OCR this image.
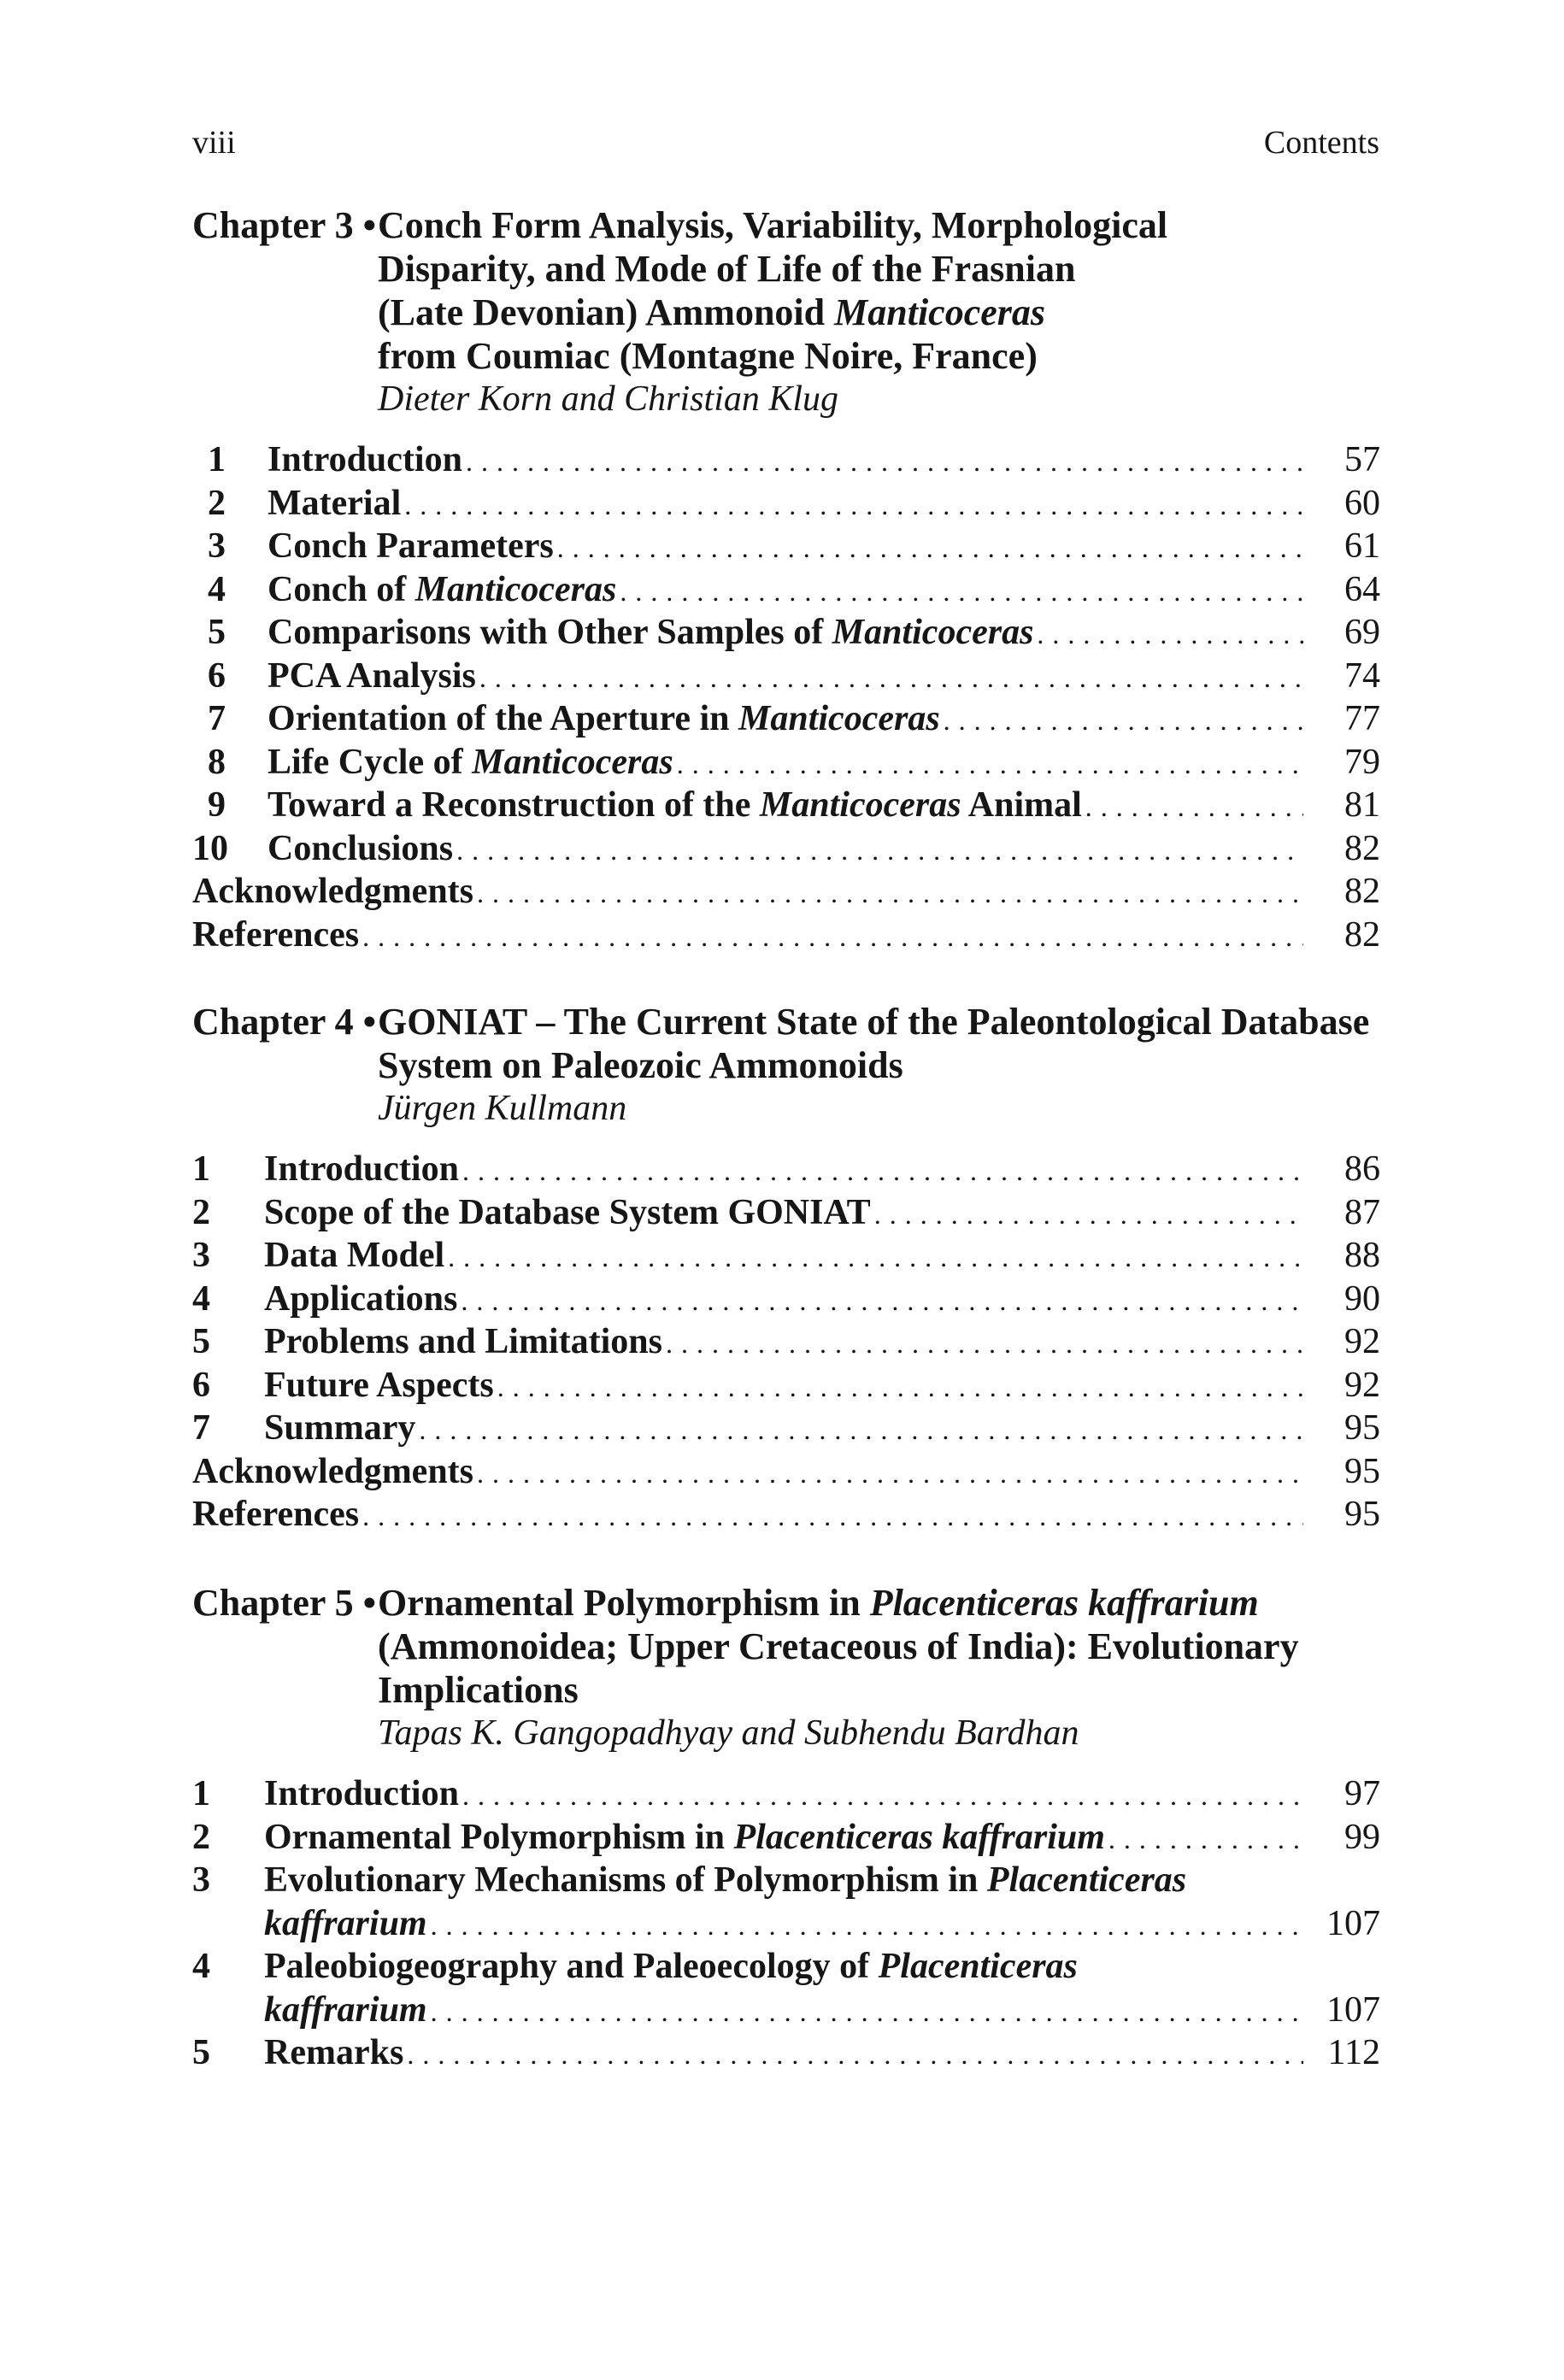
viii	Contents
Chapter 3 •Conch Form Analysis, Variability, Morphological
Disparity, and Mode of Life of the Frasnian
(Late Devonian) Ammonoid Manticoceras
from Coumiac (Montagne Noire, France)
Dieter Korn and Christian Klug
1 Introduction . . .	57
2 Material . . .	60
3 Conch Parameters . . .	61
4 Conch of Manticoceras . . .	64
5 Comparisons with Other Samples of Manticoceras . . .	69
6 PCA Analysis . . .	74
7 Orientation of the Aperture in Manticoceras . . .	77
8 Life Cycle of Manticoceras . . .	79
9 Toward a Reconstruction of the Manticoceras Animal . . .	81
10 Conclusions . . .	82
Acknowledgments . . .	82
References . . .	82
Chapter 4 •GONIAT – The Current State of the Paleontological Database
System on Paleozoic Ammonoids
Jürgen Kullmann
1 Introduction . . .	86
2 Scope of the Database System GONIAT . . .	87
3 Data Model . . .	88
4 Applications . . .	90
5 Problems and Limitations . . .	92
6 Future Aspects . . .	92
7 Summary . . .	95
Acknowledgments . . .	95
References . . .	95
Chapter 5 •Ornamental Polymorphism in Placenticeras kaffrarium
(Ammonoidea; Upper Cretaceous of India): Evolutionary
Implications
Tapas K. Gangopadhyay and Subhendu Bardhan
1 Introduction . . .	97
2 Ornamental Polymorphism in Placenticeras kaffrarium . . .	99
3 Evolutionary Mechanisms of Polymorphism in Placenticeras
kaffrarium . . .	107
4 Paleobiogeography and Paleoecology of Placenticeras
kaffrarium . . .	107
5 Remarks . . .	112
